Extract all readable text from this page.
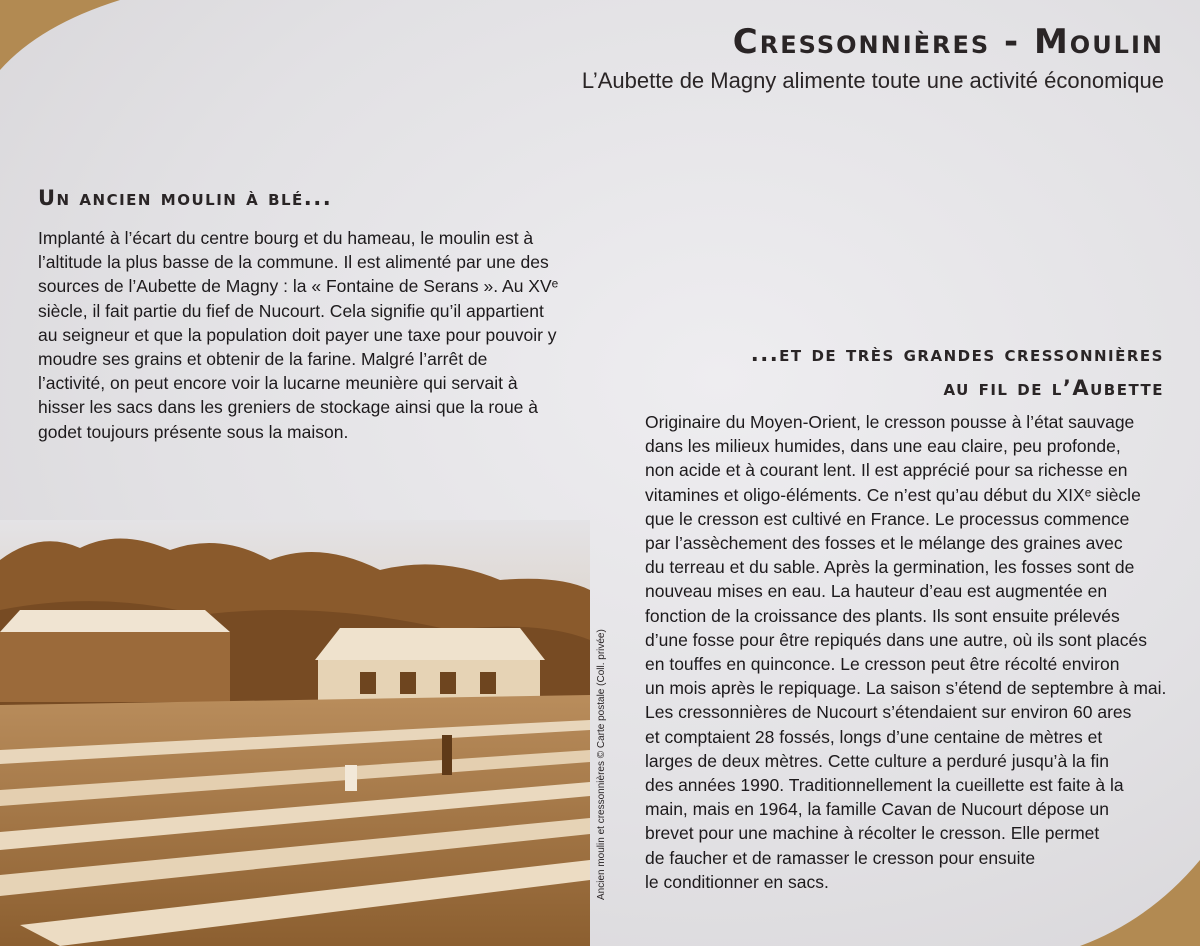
Cressonnières - Moulin
L’Aubette de Magny alimente toute une activité économique
Un ancien moulin à blé...
Implanté à l’écart du centre bourg et du hameau, le moulin est à
l’altitude la plus basse de la commune. Il est alimenté par une des
sources de l’Aubette de Magny : la « Fontaine de Serans ». Au XVᵉ
siècle, il fait partie du fief de Nucourt. Cela signifie qu’il appartient
au seigneur et que la population doit payer une taxe pour pouvoir y
moudre ses grains et obtenir de la farine. Malgré l’arrêt de
l’activité, on peut encore voir la lucarne meunière qui servait à
hisser les sacs dans les greniers de stockage ainsi que la roue à
godet toujours présente sous la maison.
...et de très grandes cressonnières
au fil de l’Aubette
Originaire du Moyen-Orient, le cresson pousse à l’état sauvage
dans les milieux humides, dans une eau claire, peu profonde,
non acide et à courant lent. Il est apprécié pour sa richesse en
vitamines et oligo-éléments. Ce n’est qu’au début du XIXᵉ siècle
que le cresson est cultivé en France. Le processus commence
par l’assèchement des fosses et le mélange des graines avec
du terreau et du sable. Après la germination, les fosses sont de
nouveau mises en eau. La hauteur d’eau est augmentée en
fonction de la croissance des plants. Ils sont ensuite prélevés
d’une fosse pour être repiqués dans une autre, où ils sont placés
en touffes en quinconce. Le cresson peut être récolté environ
un mois après le repiquage. La saison s’étend de septembre à mai.
Les cressonnières de Nucourt s’étendaient sur environ 60 ares
et comptaient 28 fossés, longs d’une centaine de mètres et
larges de deux mètres. Cette culture a perduré jusqu’à la fin
des années 1990. Traditionnellement la cueillette est faite à la
main, mais en 1964, la famille Cavan de Nucourt dépose un
brevet pour une machine à récolter le cresson. Elle permet
de faucher et de ramasser le cresson pour ensuite
le conditionner en sacs.
Ancien moulin et cressonnières © Carte postale (Coll. privée)
